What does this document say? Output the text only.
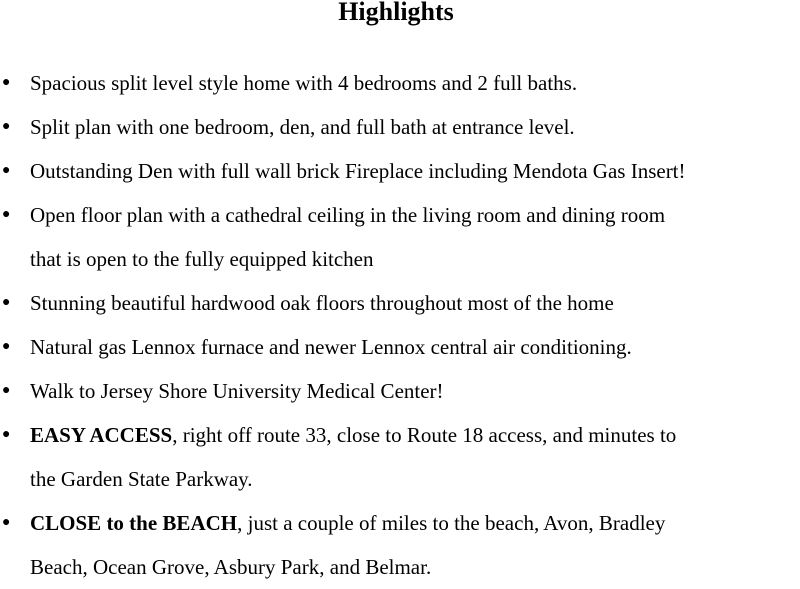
Highlights
● Spacious split level style home with 4 bedrooms and 2 full baths.
● Split plan with one bedroom, den, and full bath at entrance level.
● Outstanding Den with full wall brick Fireplace including Mendota Gas Insert!
● Open floor plan with a cathedral ceiling in the living room and dining room
that is open to the fully equipped kitchen
● Stunning beautiful hardwood oak floors throughout most of the home
● Natural gas Lennox furnace and newer Lennox central air conditioning.
● Walk to Jersey Shore University Medical Center!
● EASY ACCESS, right off route 33, close to Route 18 access, and minutes to
the Garden State Parkway.
● CLOSE to the BEACH, just a couple of miles to the beach, Avon, Bradley
Beach, Ocean Grove, Asbury Park, and Belmar.
